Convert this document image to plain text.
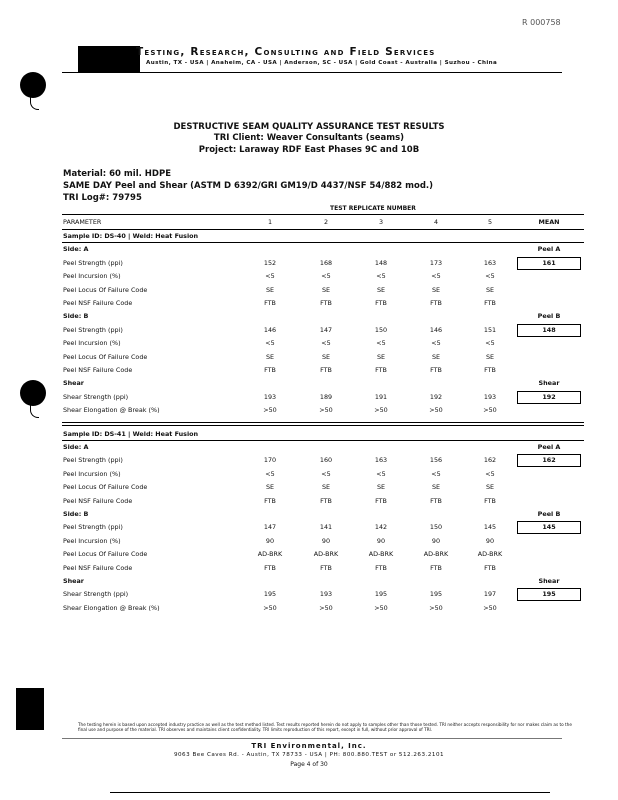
R 000758
Testing, Research, Consulting and Field Services
Austin, TX - USA | Anaheim, CA - USA | Anderson, SC - USA | Gold Coast - Australia | Suzhou - China
DESTRUCTIVE SEAM QUALITY ASSURANCE TEST RESULTS
TRI Client: Weaver Consultants (seams)
Project: Laraway RDF East Phases 9C and 10B
Material: 60 mil. HDPE
SAME DAY Peel and Shear (ASTM D 6392/GRI GM19/D 4437/NSF 54/882 mod.)
TRI Log#: 79795
TEST REPLICATE NUMBER
PARAMETER	1	2	3	4	5	MEAN
Sample ID: DS-40 | Weld: Heat Fusion
Side: A	Peel A
Peel Strength (ppi)	152	168	148	173	163	161
Peel Incursion (%)	<5	<5	<5	<5	<5
Peel Locus Of Failure Code	SE	SE	SE	SE	SE
Peel NSF Failure Code	FTB	FTB	FTB	FTB	FTB
Side: B	Peel B
Peel Strength (ppi)	146	147	150	146	151	148
Peel Incursion (%)	<5	<5	<5	<5	<5
Peel Locus Of Failure Code	SE	SE	SE	SE	SE
Peel NSF Failure Code	FTB	FTB	FTB	FTB	FTB
Shear	Shear
Shear Strength (ppi)	193	189	191	192	193	192
Shear Elongation @ Break (%)	>50	>50	>50	>50	>50
Sample ID: DS-41 | Weld: Heat Fusion
Side: A	Peel A
Peel Strength (ppi)	170	160	163	156	162	162
Peel Incursion (%)	<5	<5	<5	<5	<5
Peel Locus Of Failure Code	SE	SE	SE	SE	SE
Peel NSF Failure Code	FTB	FTB	FTB	FTB	FTB
Side: B	Peel B
Peel Strength (ppi)	147	141	142	150	145	145
Peel Incursion (%)	90	90	90	90	90
Peel Locus Of Failure Code	AD-BRK	AD-BRK	AD-BRK	AD-BRK	AD-BRK
Peel NSF Failure Code	FTB	FTB	FTB	FTB	FTB
Shear	Shear
Shear Strength (ppi)	195	193	195	195	197	195
Shear Elongation @ Break (%)	>50	>50	>50	>50	>50
The testing herein is based upon accepted industry practice as well as the test method listed. Test results reported herein do not apply to samples other than those tested. TRI neither accepts responsibility for nor makes claim as to the final use and purpose of the material. TRI observes and maintains client confidentiality. TRI limits reproduction of this report, except in full, without prior approval of TRI.
TRI Environmental, Inc.
9063 Bee Caves Rd. - Austin, TX 78733 - USA | PH: 800.880.TEST or 512.263.2101
Page 4 of 30
